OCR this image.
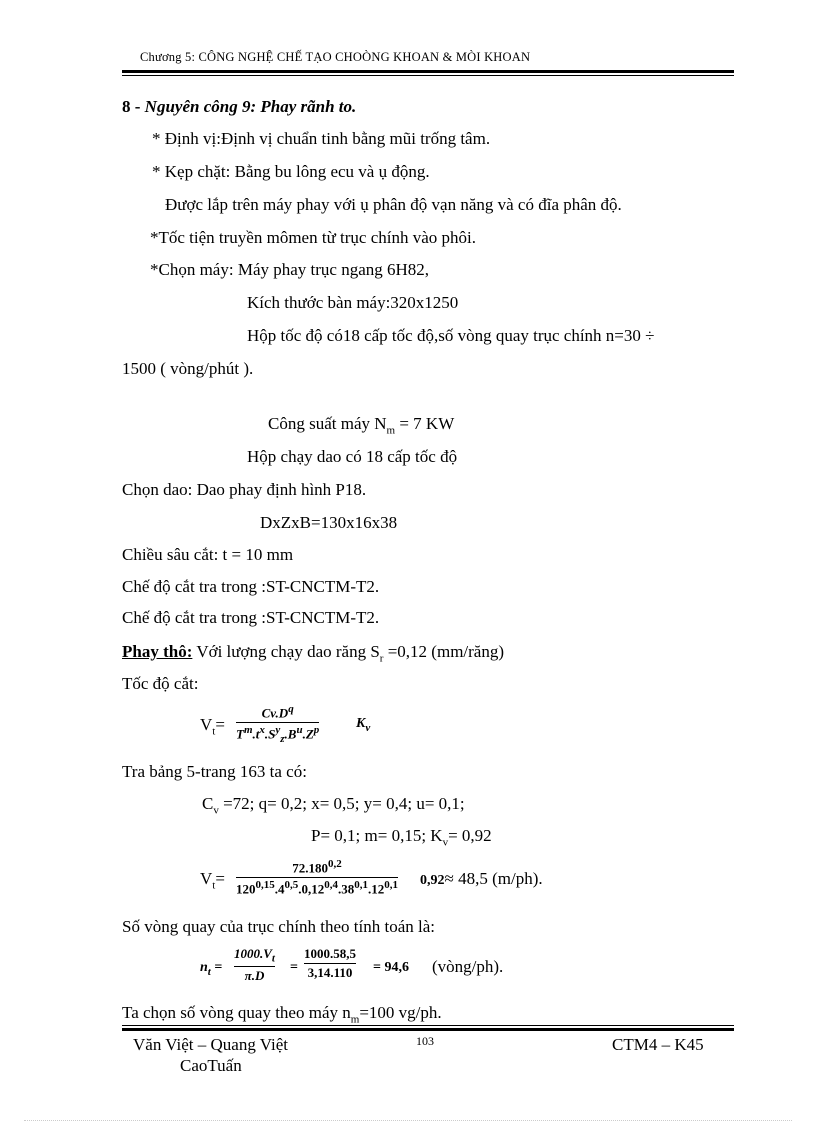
Chương 5: CÔNG NGHỆ CHẾ TẠO CHOÒNG KHOAN & MÒI KHOAN
8 - Nguyên công 9: Phay rãnh to.
* Định vị:Định vị chuẩn tinh bằng mũi trống tâm.
* Kẹp chặt: Bằng bu lông ecu và ụ động.
Được lắp trên máy phay với ụ phân độ vạn năng và có đĩa phân độ.
*Tốc tiện truyền mômen từ trục chính vào phôi.
*Chọn máy: Máy phay trục ngang 6H82,
Kích thước bàn máy:320x1250
Hộp tốc độ có18 cấp tốc độ,số vòng quay trục chính n=30 ÷
1500 ( vòng/phút ).
Công suất máy $N_m = 7$ KW
Hộp chạy dao có 18 cấp tốc độ
Chọn dao: Dao phay định hình P18.
DxZxB=130x16x38
Chiều sâu cắt: t = 10 mm
Chế độ cắt tra trong :ST-CNCTM-T2.
Chế độ cắt tra trong :ST-CNCTM-T2.
Phay thô: Với lượng chạy dao răng $S_r =0,12$ (mm/răng)
Tốc độ cắt:
$V_t=$
$Cv.D^q$
$T^m.t^x.S^y_z.B^u.Z^p$	$K_v$
Tra bảng 5-trang 163 ta có:
$C_v =72$; q= 0,2; x= 0,5; y= 0,4; u= 0,1;
P= 0,1; m= 0,15; $K_v= 0,92$
$V_t=$
$72.180^{0,2}$
120$^{0,15}$.4$^{0,5}$.0,12$^{0,4}$.38$^{0,1}$.12$^{0,1}$ 0,92≈ 48,5 (m/ph).
Số vòng quay của trục chính theo tính toán là:
$n_t$ =
$1000.V_t$
π.D
=
1000.58,5
3,14.110 = 94,6 (vòng/ph).
Ta chọn số vòng quay theo máy $n_m=100$ vg/ph.
Văn Việt – Quang Việt
CaoTuấn
103	CTM4 – K45
